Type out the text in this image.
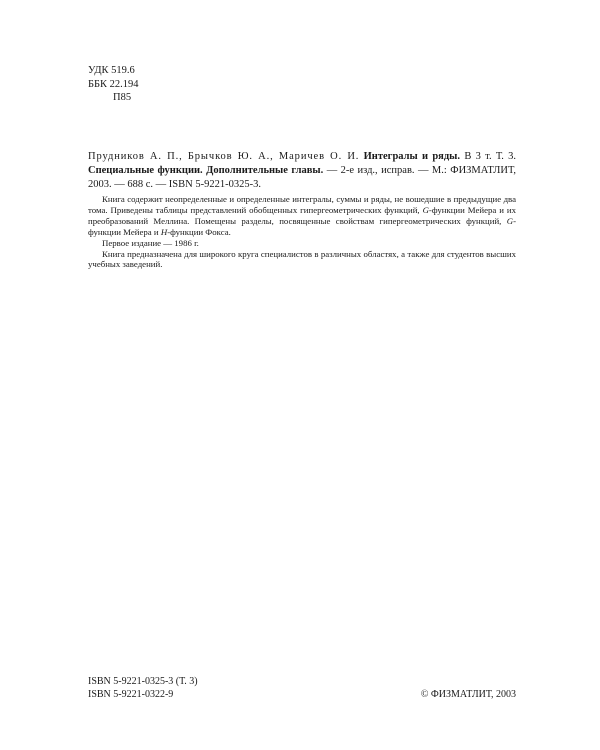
УДК 519.6
ББК 22.194
П85
Прудников А. П., Брычков Ю. А., Маричев О. И. Интегралы и ряды. В 3 т. Т. 3. Специальные функции. Дополнительные главы. — 2-е изд., исправ. — М.: ФИЗМАТЛИТ, 2003. — 688 с. — ISBN 5-9221-0325-3.

Книга содержит неопределенные и определенные интегралы, суммы и ряды, не вошедшие в предыдущие два тома. Приведены таблицы представлений обобщенных гипергеометрических функций, G-функции Мейера и их преобразований Меллина. Помещены разделы, посвященные свойствам гипергеометрических функций, G-функции Мейера и H-функции Фокса.

Первое издание — 1986 г.

Книга предназначена для широкого круга специалистов в различных областях, а также для студентов высших учебных заведений.

ISBN 5-9221-0325-3 (Т. 3)
ISBN 5-9221-0322-9	© ФИЗМАТЛИТ, 2003
